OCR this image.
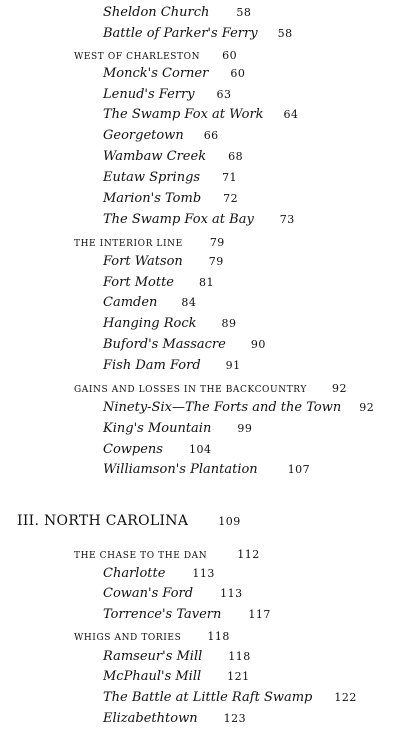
Sheldon Church 58
Battle of Parker's Ferry 58
WEST OF CHARLESTON 60
Monck's Corner 60
Lenud's Ferry 63
The Swamp Fox at Work 64
Georgetown 66
Wambaw Creek 68
Eutaw Springs 71
Marion's Tomb 72
The Swamp Fox at Bay 73
THE INTERIOR LINE 79
Fort Watson 79
Fort Motte 81
Camden 84
Hanging Rock 89
Buford's Massacre 90
Fish Dam Ford 91
GAINS AND LOSSES IN THE BACKCOUNTRY 92
Ninety-Six—The Forts and the Town 92
King's Mountain 99
Cowpens 104
Williamson's Plantation	107
III. NORTH CAROLINA	109
THE CHASE TO THE DAN	112
Charlotte 113
Cowan's Ford 113
Torrence's Tavern 117
WHIGS AND TORIES 118
Ramseur's Mill 118
McPhaul's Mill 121
The Battle at Little Raft Swamp 122
Elizabethtown 123
